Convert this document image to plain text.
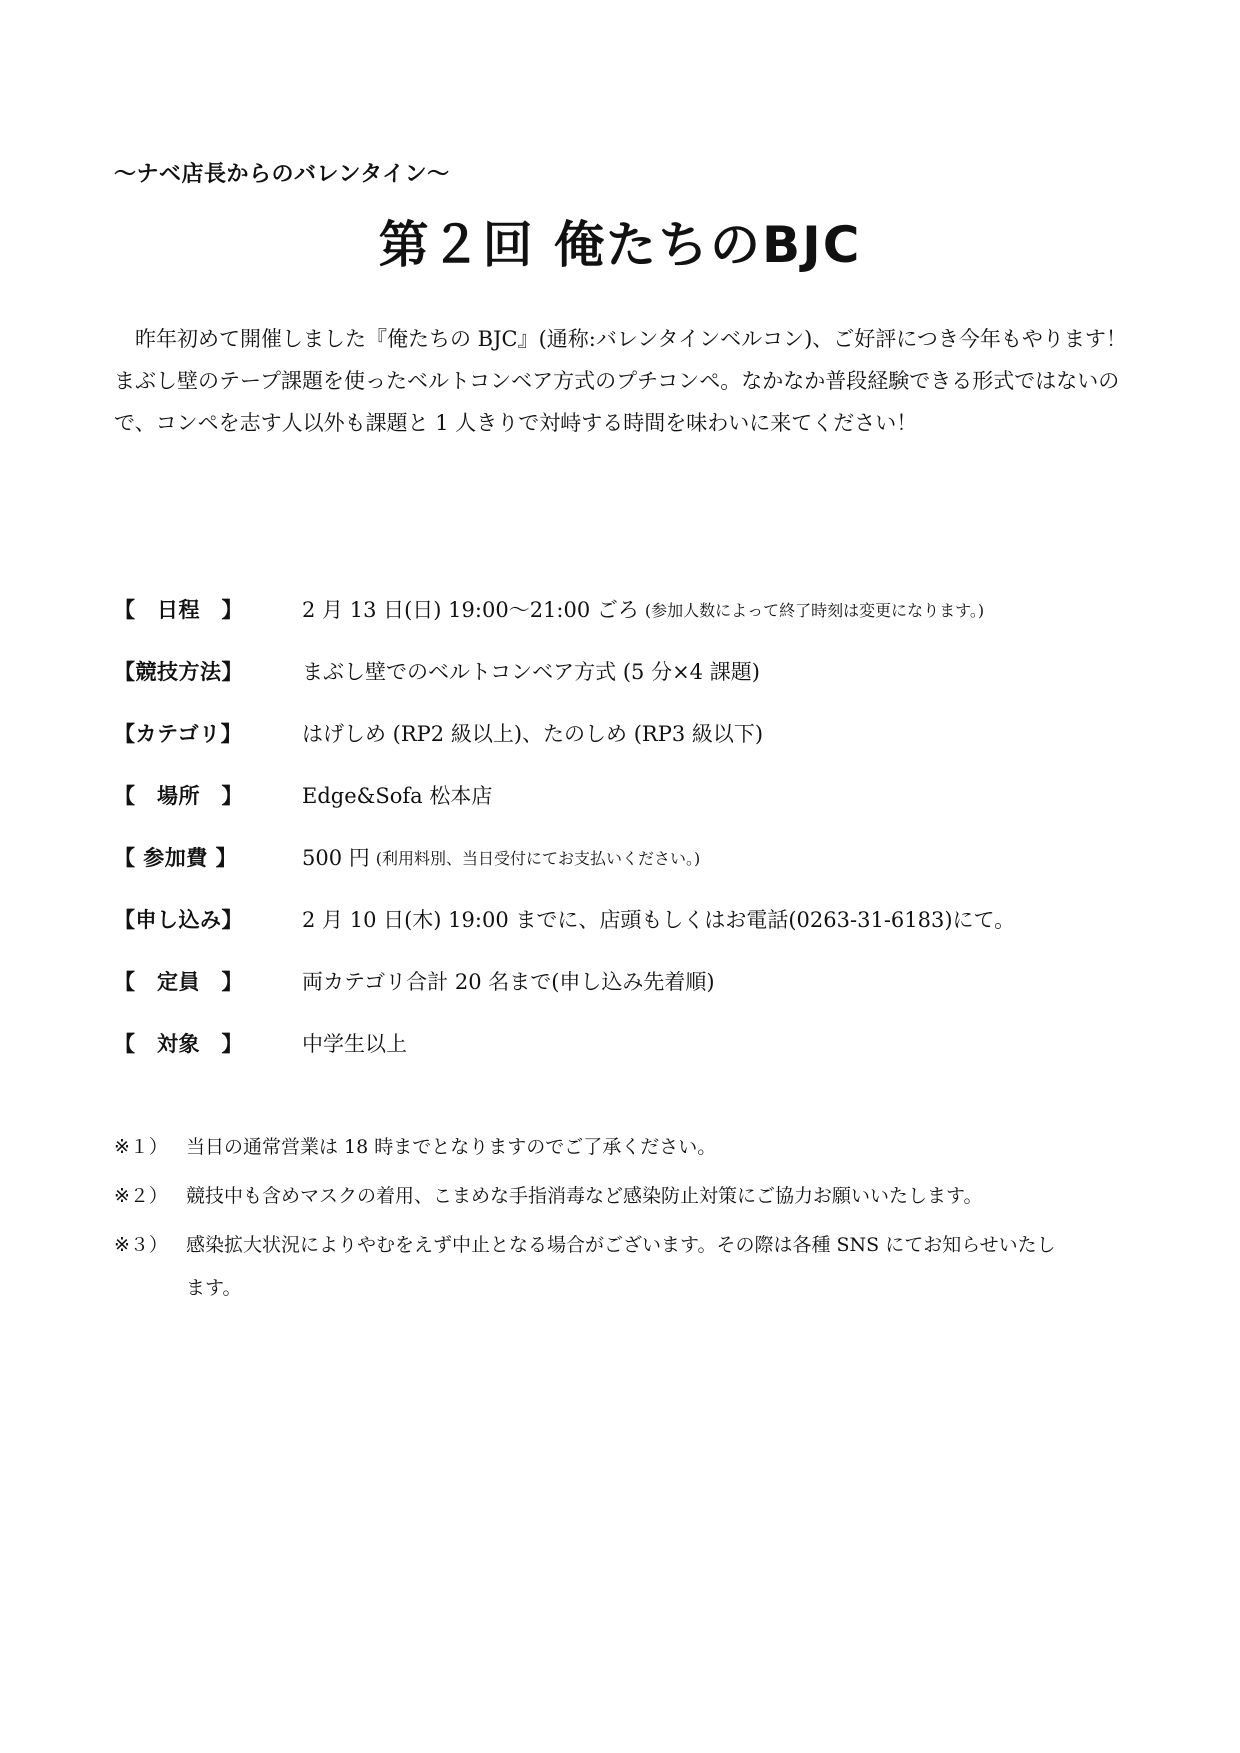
～ナベ店長からのバレンタイン～
第２回 俺たちのBJC

昨年初めて開催しました『俺たちの BJC』(通称:バレンタインベルコン)、ご好評につき今年もやります！

まぶし壁のテープ課題を使ったベルトコンベア方式のプチコンペ。なかなか普段経験できる形式ではないので、コンペを志す人以外も課題と 1 人きりで対峙する時間を味わいに来てください！

【　日程　】	2 月 13 日(日) 19:00～21:00 ごろ (参加人数によって終了時刻は変更になります。)
【競技方法】	まぶし壁でのベルトコンベア方式 (5 分×4 課題)
【カテゴリ】	はげしめ (RP2 級以上)、たのしめ (RP3 級以下)
【　場所　】	Edge&Sofa 松本店
【 参加費 】	500 円 (利用料別、当日受付にてお支払いください。)
【申し込み】	2 月 10 日(木) 19:00 までに、店頭もしくはお電話(0263-31-6183)にて。
【　定員　】	両カテゴリ合計 20 名まで(申し込み先着順)
【　対象　】	中学生以上
※１） 当日の通常営業は 18 時までとなりますのでご了承ください。
※２） 競技中も含めマスクの着用、こまめな手指消毒など感染防止対策にご協力お願いいたします。
※３） 感染拡大状況によりやむをえず中止となる場合がございます。その際は各種 SNS にてお知らせいたします。
